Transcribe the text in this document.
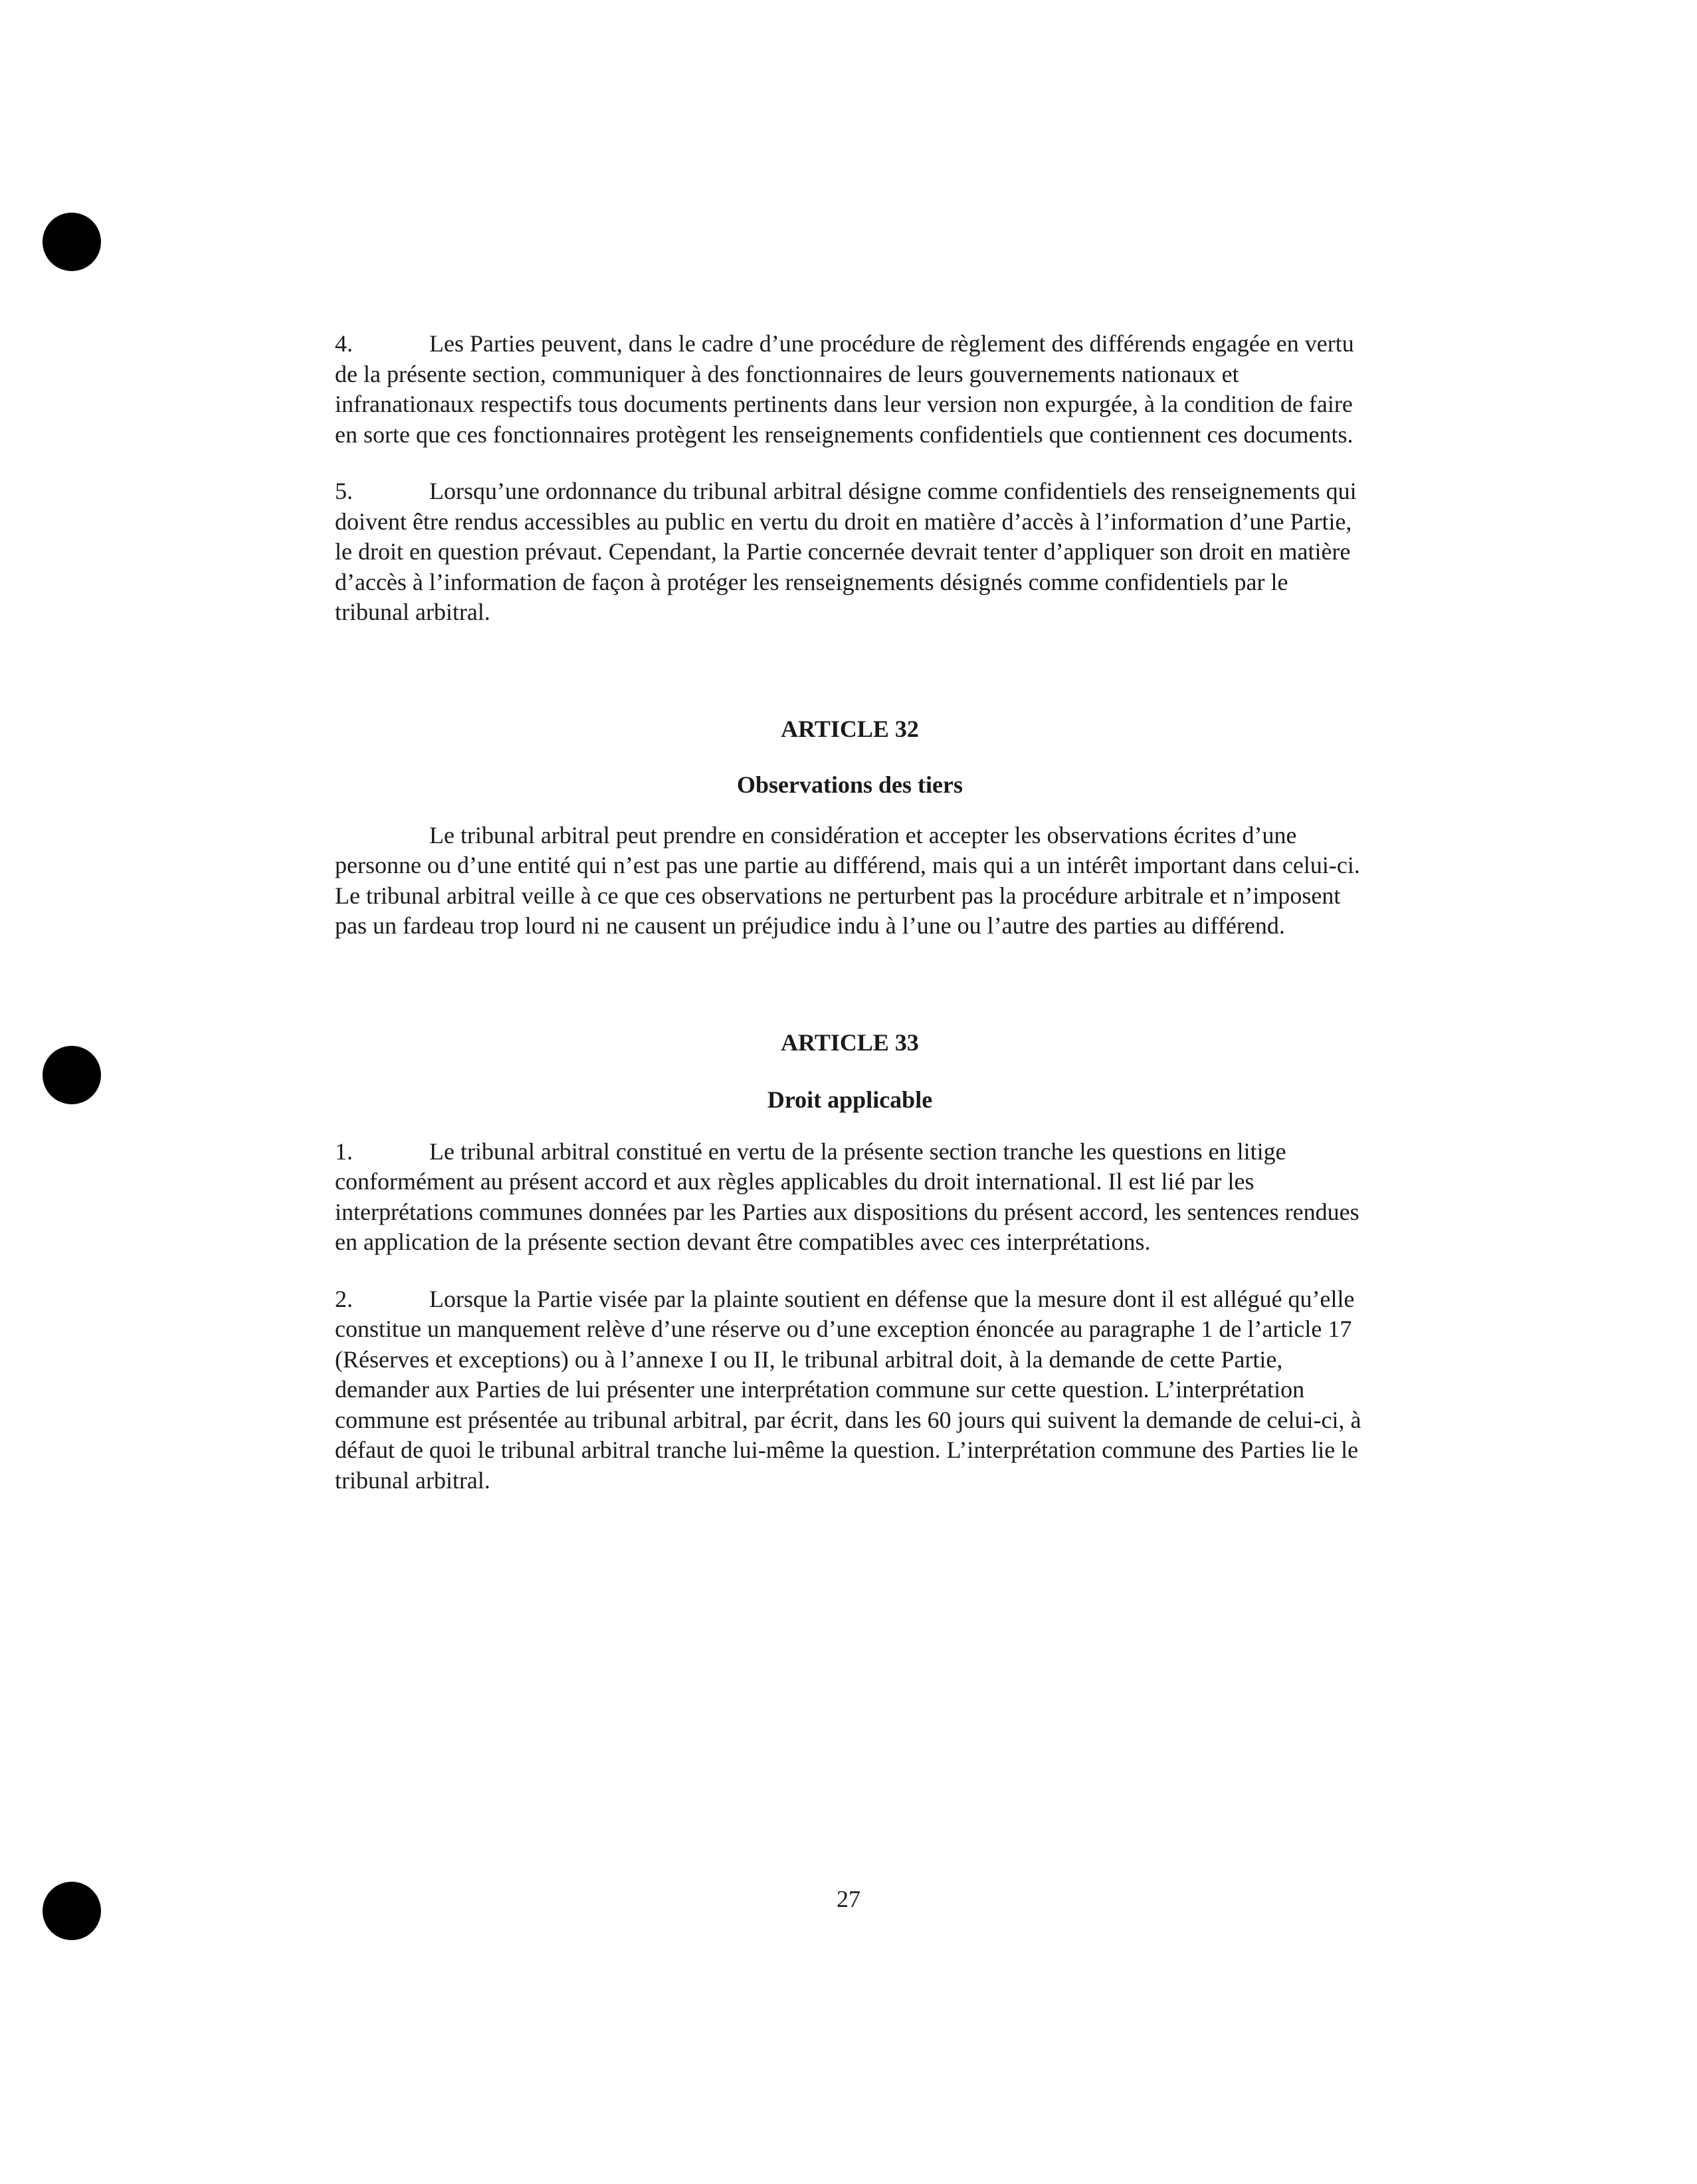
4.	Les Parties peuvent, dans le cadre d’une procédure de règlement des différends engagée en vertu de la présente section, communiquer à des fonctionnaires de leurs gouvernements nationaux et infranationaux respectifs tous documents pertinents dans leur version non expurgée, à la condition de faire en sorte que ces fonctionnaires protègent les renseignements confidentiels que contiennent ces documents.

5.	Lorsqu’une ordonnance du tribunal arbitral désigne comme confidentiels des renseignements qui doivent être rendus accessibles au public en vertu du droit en matière d’accès à l’information d’une Partie, le droit en question prévaut. Cependant, la Partie concernée devrait tenter d’appliquer son droit en matière d’accès à l’information de façon à protéger les renseignements désignés comme confidentiels par le tribunal arbitral.

ARTICLE 32
Observations des tiers

Le tribunal arbitral peut prendre en considération et accepter les observations écrites d’une personne ou d’une entité qui n’est pas une partie au différend, mais qui a un intérêt important dans celui-ci. Le tribunal arbitral veille à ce que ces observations ne perturbent pas la procédure arbitrale et n’imposent pas un fardeau trop lourd ni ne causent un préjudice indu à l’une ou l’autre des parties au différend.

ARTICLE 33
Droit applicable

1.	Le tribunal arbitral constitué en vertu de la présente section tranche les questions en litige conformément au présent accord et aux règles applicables du droit international. Il est lié par les interprétations communes données par les Parties aux dispositions du présent accord, les sentences rendues en application de la présente section devant être compatibles avec ces interprétations.

2.	Lorsque la Partie visée par la plainte soutient en défense que la mesure dont il est allégué qu’elle constitue un manquement relève d’une réserve ou d’une exception énoncée au paragraphe 1 de l’article 17 (Réserves et exceptions) ou à l’annexe I ou II, le tribunal arbitral doit, à la demande de cette Partie, demander aux Parties de lui présenter une interprétation commune sur cette question. L’interprétation commune est présentée au tribunal arbitral, par écrit, dans les 60 jours qui suivent la demande de celui-ci, à défaut de quoi le tribunal arbitral tranche lui-même la question. L’interprétation commune des Parties lie le tribunal arbitral.

27
